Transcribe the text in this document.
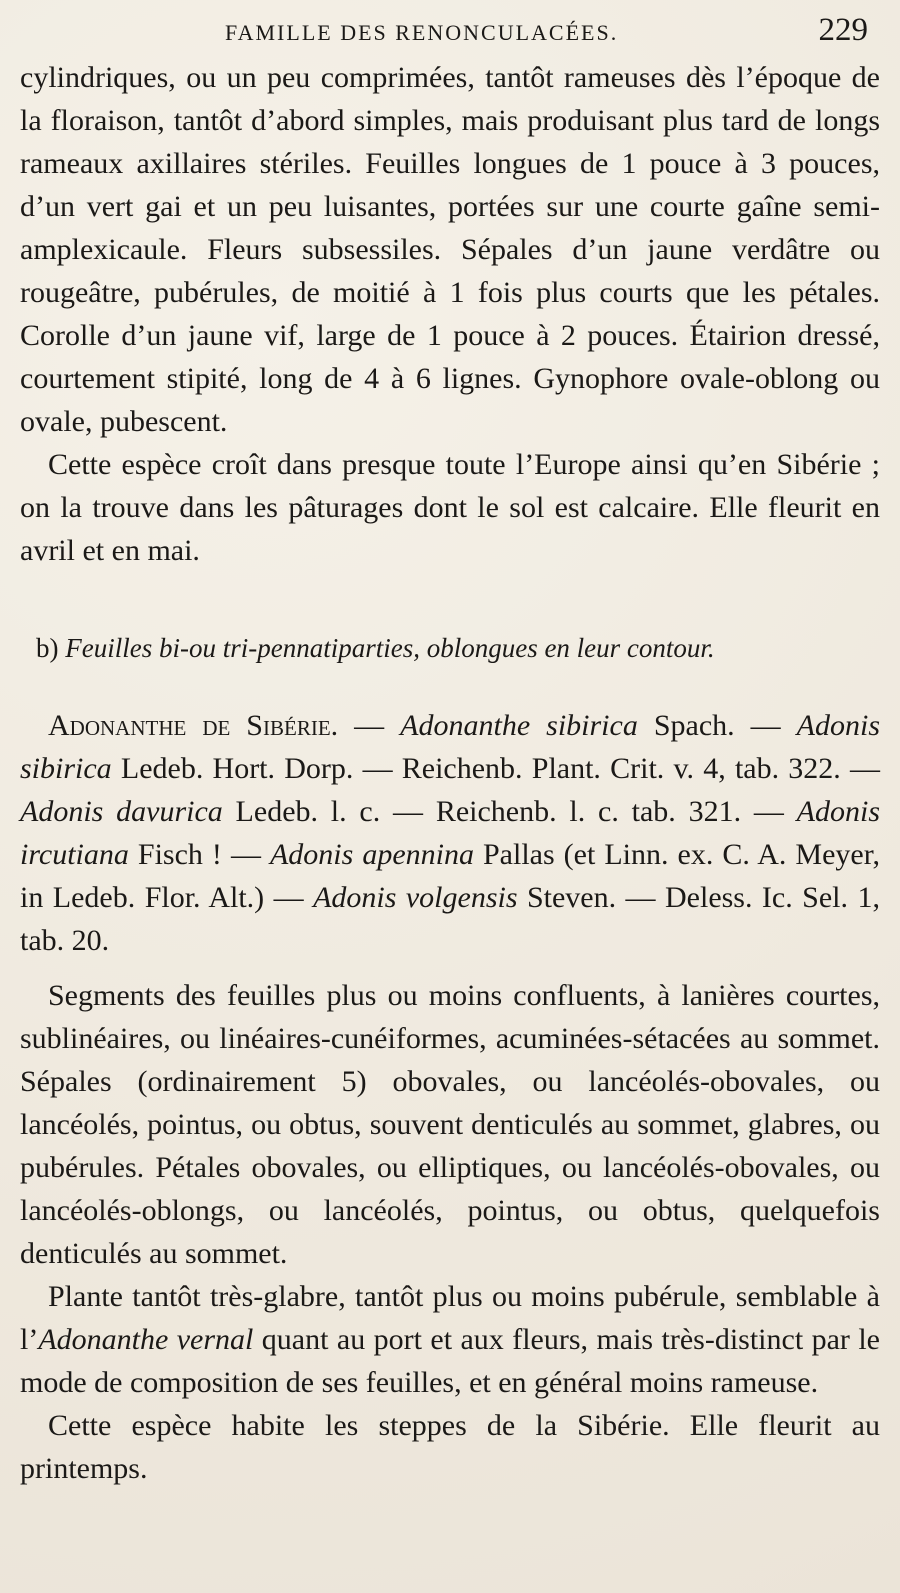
FAMILLE DES RENONCULACÉES.	229

cylindriques, ou un peu comprimées, tantôt rameuses dès l’époque de la floraison, tantôt d’abord simples, mais produisant plus tard de longs rameaux axillaires stériles. Feuilles longues de 1 pouce à 3 pouces, d’un vert gai et un peu luisantes, portées sur une courte gaîne semi-amplexicaule. Fleurs subsessiles. Sépales d’un jaune verdâtre ou rougeâtre, pubérules, de moitié à 1 fois plus courts que les pétales. Corolle d’un jaune vif, large de 1 pouce à 2 pouces. Étairion dressé, courtement stipité, long de 4 à 6 lignes. Gynophore ovale-oblong ou ovale, pubescent.

Cette espèce croît dans presque toute l’Europe ainsi qu’en Sibérie ; on la trouve dans les pâturages dont le sol est calcaire. Elle fleurit en avril et en mai.

b) Feuilles bi-ou tri-pennatiparties, oblongues en leur contour.

Adonanthe de Sibérie. — Adonanthe sibirica Spach. — Adonis sibirica Ledeb. Hort. Dorp. — Reichenb. Plant. Crit. v. 4, tab. 322. — Adonis davurica Ledeb. l. c. — Reichenb. l. c. tab. 321. — Adonis ircutiana Fisch ! — Adonis apennina Pallas (et Linn. ex. C. A. Meyer, in Ledeb. Flor. Alt.) — Adonis volgensis Steven. — Deless. Ic. Sel. 1, tab. 20.

Segments des feuilles plus ou moins confluents, à lanières courtes, sublinéaires, ou linéaires-cunéiformes, acuminées-sétacées au sommet. Sépales (ordinairement 5) obovales, ou lancéolés-obovales, ou lancéolés, pointus, ou obtus, souvent denticulés au sommet, glabres, ou pubérules. Pétales obovales, ou elliptiques, ou lancéolés-obovales, ou lancéolés-oblongs, ou lancéolés, pointus, ou obtus, quelquefois denticulés au sommet.

Plante tantôt très-glabre, tantôt plus ou moins pubérule, semblable à l’Adonanthe vernal quant au port et aux fleurs, mais très-distinct par le mode de composition de ses feuilles, et en général moins rameuse.

Cette espèce habite les steppes de la Sibérie. Elle fleurit au printemps.
